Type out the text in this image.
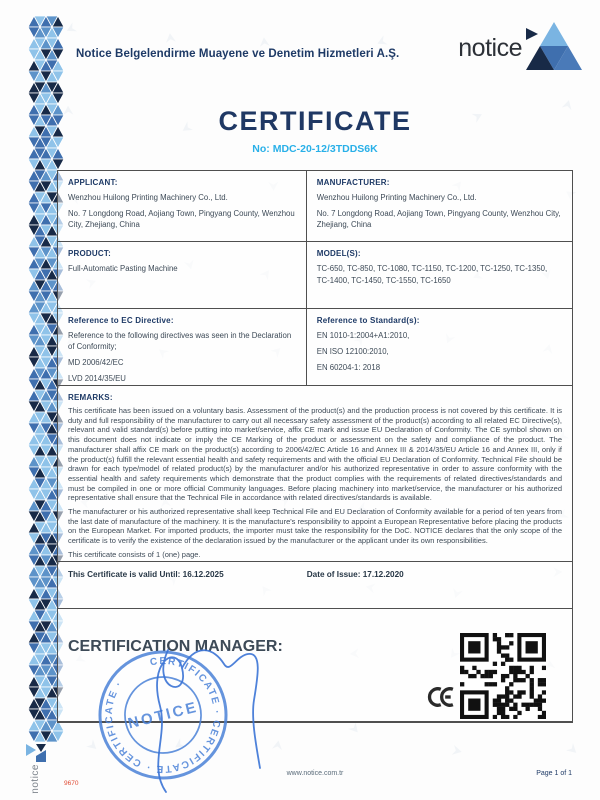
Notice Belgelendirme Muayene ve Denetim Hizmetleri A.Ş.	notice
CERTIFICATE
No: MDC-20-12/3TDDS6K
APPLICANT:

Wenzhou Huilong Printing Machinery Co., Ltd.

No. 7 Longdong Road, Aojiang Town, Pingyang County, Wenzhou City, Zhejiang, China

MANUFACTURER:

Wenzhou Huilong Printing Machinery Co., Ltd.

No. 7 Longdong Road, Aojiang Town, Pingyang County, Wenzhou City, Zhejiang, China

PRODUCT:

Full-Automatic Pasting Machine

MODEL(S):

TC-650, TC-850, TC-1080, TC-1150, TC-1200, TC-1250, TC-1350, TC-1400, TC-1450, TC-1550, TC-1650

Reference to EC Directive:

Reference to the following directives was seen in the Declaration of Conformity;

MD 2006/42/EC

LVD 2014/35/EU

Reference to Standard(s):

EN 1010-1:2004+A1:2010,

EN ISO 12100:2010,

EN 60204-1: 2018

REMARKS:

This certificate has been issued on a voluntary basis. Assessment of the product(s) and the production process is not covered by this certificate. It is duty and full responsibility of the manufacturer to carry out all necessary safety assessment of the product(s) according to all related EC Directive(s), relevant and valid standard(s) before putting into market/service, affix CE mark and issue EU Declaration of Conformity. The CE symbol shown on this document does not indicate or imply the CE Marking of the product or assessment on the safety and compliance of the product. The manufacturer shall affix CE mark on the product(s) according to 2006/42/EC Article 16 and Annex III & 2014/35/EU Article 16 and Annex III, only if the product(s) fulfill the relevant essential health and safety requirements and with the official EU Declaration of Conformity. Technical File should be drawn for each type/model of related product(s) by the manufacturer and/or his authorized representative in order to assure conformity with the essential health and safety requirements which demonstrate that the product complies with the requirements of related directives/standards and must be compiled in one or more official Community languages. Before placing machinery into market/service, the manufacturer or his authorized representative shall ensure that the Technical File in accordance with related directives/standards is available.

The manufacturer or his authorized representative shall keep Technical File and EU Declaration of Conformity available for a period of ten years from the last date of manufacture of the machinery. It is the manufacture's responsibility to appoint a European Representative before placing the products on the European Market. For imported products, the importer must take the responsibility for the DoC. NOTICE declares that the only scope of the certificate is to verify the existence of the declaration issued by the manufacturer or the applicant under its own responsibilities.

This certificate consists of 1 (one) page.

This Certificate is valid Until: 16.12.2025	Date of Issue: 17.12.2020
CERTIFICATION MANAGER:
CERTIFICATE · CERTIFICATE · CERTIFICATE ·
NOTICE
www.notice.com.tr	Page 1 of 1
9670
notice
